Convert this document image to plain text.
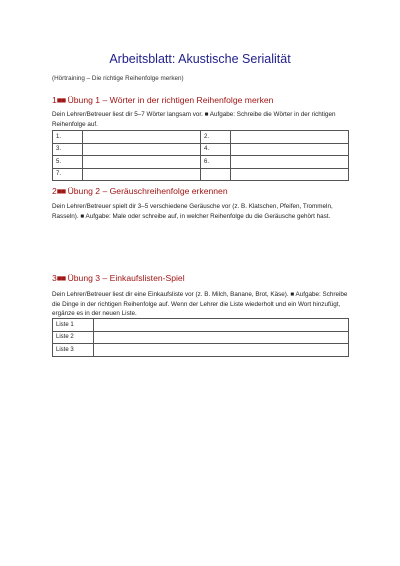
Arbeitsblatt: Akustische Serialität
(Hörtraining – Die richtige Reihenfolge merken)
1■■ Übung 1 – Wörter in der richtigen Reihenfolge merken
Dein Lehrer/Betreuer liest dir 5–7 Wörter langsam vor. ■ Aufgabe: Schreibe die Wörter in der richtigen Reihenfolge auf.
1.		2.	
3.		4.	
5.		6.	
7.			
2■■ Übung 2 – Geräuschreihenfolge erkennen
Dein Lehrer/Betreuer spielt dir 3–5 verschiedene Geräusche vor (z. B. Klatschen, Pfeifen, Trommeln, Rasseln). ■ Aufgabe: Male oder schreibe auf, in welcher Reihenfolge du die Geräusche gehört hast.
3■■ Übung 3 – Einkaufslisten-Spiel
Dein Lehrer/Betreuer liest dir eine Einkaufsliste vor (z. B. Milch, Banane, Brot, Käse). ■ Aufgabe: Schreibe die Dinge in der richtigen Reihenfolge auf. Wenn der Lehrer die Liste wiederholt und ein Wort hinzufügt, ergänze es in der neuen Liste.
Liste 1	
Liste 2	
Liste 3	
